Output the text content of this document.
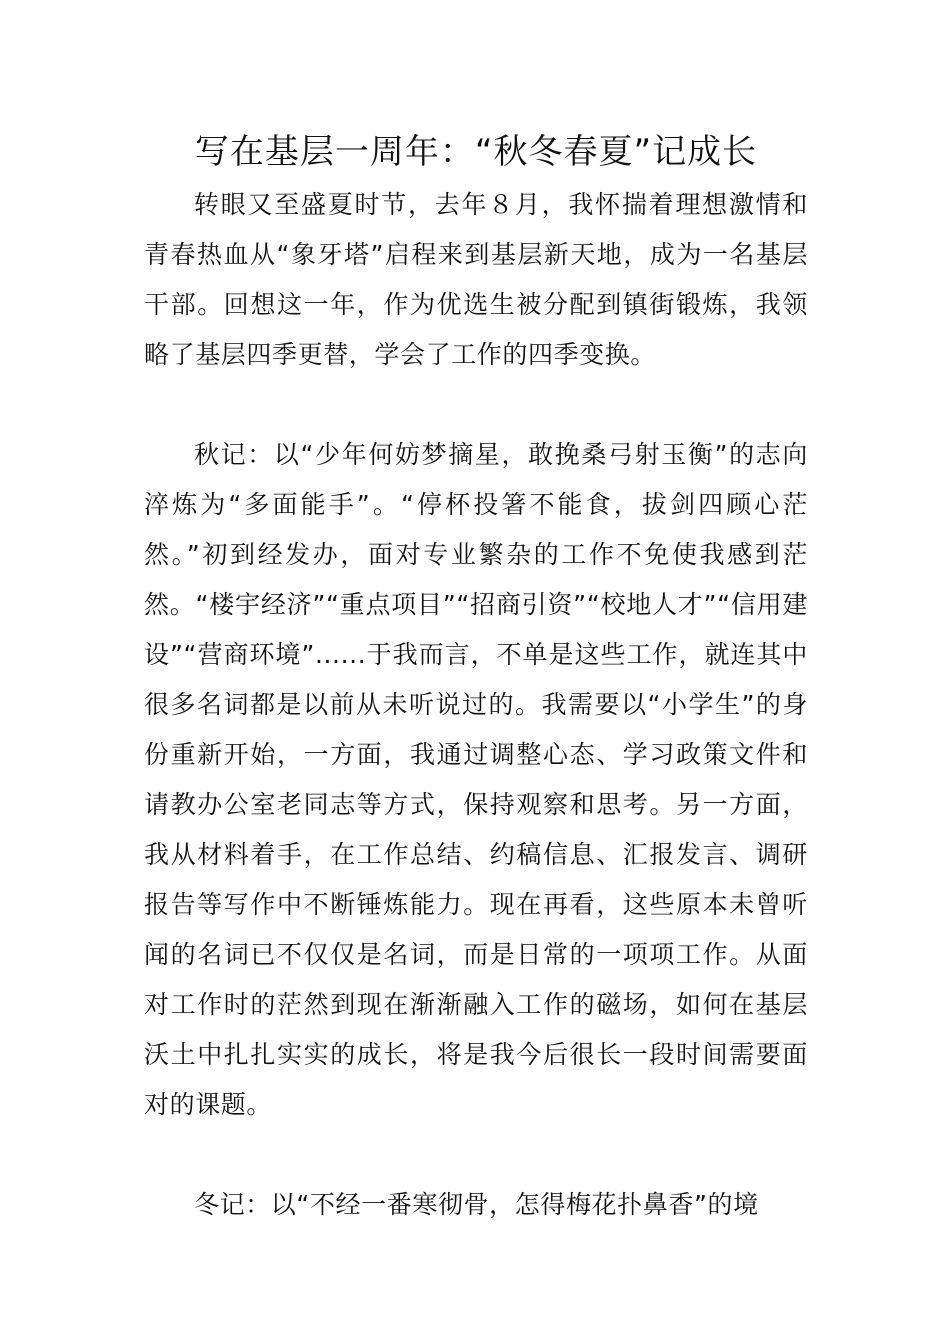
写在基层一周年：“秋冬春夏”记成长

转眼又至盛夏时节，去年８月，我怀揣着理想激情和青春热血从“象牙塔”启程来到基层新天地，成为一名基层干部。回想这一年，作为优选生被分配到镇街锻炼，我领略了基层四季更替，学会了工作的四季变换。

秋记：以“少年何妨梦摘星，敢挽桑弓射玉衡”的志向淬炼为“多面能手”。“停杯投箸不能食，拔剑四顾心茫然。”初到经发办，面对专业繁杂的工作不免使我感到茫然。“楼宇经济”“重点项目”“招商引资”“校地人才”“信用建设”“营商环境”......于我而言，不单是这些工作，就连其中很多名词都是以前从未听说过的。我需要以“小学生”的身份重新开始，一方面，我通过调整心态、学习政策文件和请教办公室老同志等方式，保持观察和思考。另一方面，我从材料着手，在工作总结、约稿信息、汇报发言、调研报告等写作中不断锤炼能力。现在再看，这些原本未曾听闻的名词已不仅仅是名词，而是日常的一项项工作。从面对工作时的茫然到现在渐渐融入工作的磁场，如何在基层沃土中扎扎实实的成长，将是我今后很长一段时间需要面对的课题。

冬记：以“不经一番寒彻骨，怎得梅花扑鼻香”的境
